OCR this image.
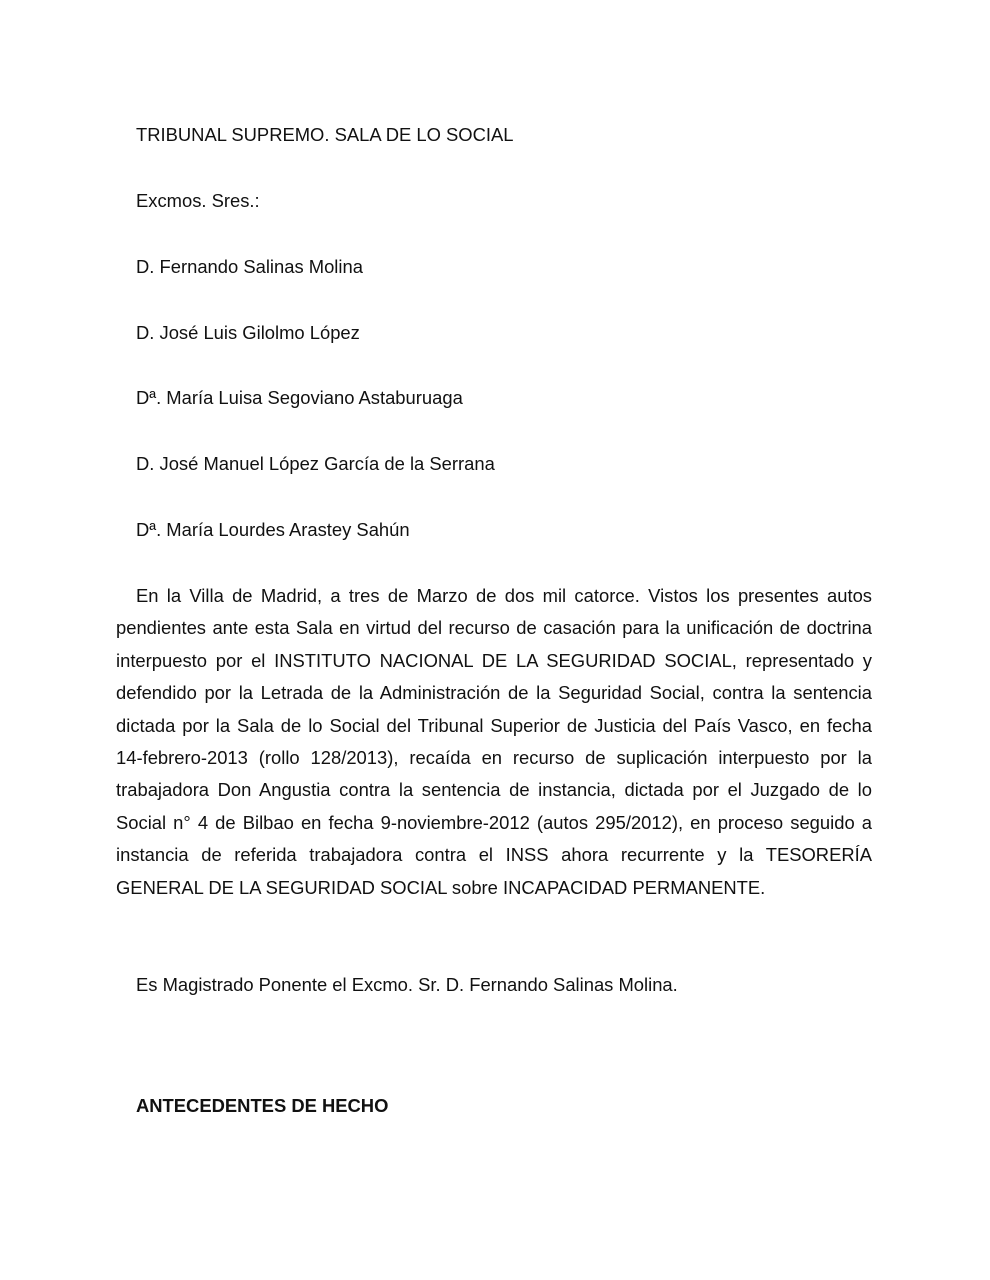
TRIBUNAL SUPREMO. SALA DE LO SOCIAL
Excmos. Sres.:
D. Fernando Salinas Molina
D. José Luis Gilolmo López
Dª. María Luisa Segoviano Astaburuaga
D. José Manuel López García de la Serrana
Dª. María Lourdes Arastey Sahún
En la Villa de Madrid, a tres de Marzo de dos mil catorce. Vistos los presentes autos pendientes ante esta Sala en virtud del recurso de casación para la unificación de doctrina interpuesto por el INSTITUTO NACIONAL DE LA SEGURIDAD SOCIAL, representado y defendido por la Letrada de la Administración de la Seguridad Social, contra la sentencia dictada por la Sala de lo Social del Tribunal Superior de Justicia del País Vasco, en fecha 14-febrero-2013 (rollo 128/2013), recaída en recurso de suplicación interpuesto por la trabajadora Don Angustia contra la sentencia de instancia, dictada por el Juzgado de lo Social n° 4 de Bilbao en fecha 9-noviembre-2012 (autos 295/2012), en proceso seguido a instancia de referida trabajadora contra el INSS ahora recurrente y la TESORERÍA GENERAL DE LA SEGURIDAD SOCIAL sobre INCAPACIDAD PERMANENTE.
Es Magistrado Ponente el Excmo. Sr. D. Fernando Salinas Molina.
ANTECEDENTES DE HECHO
